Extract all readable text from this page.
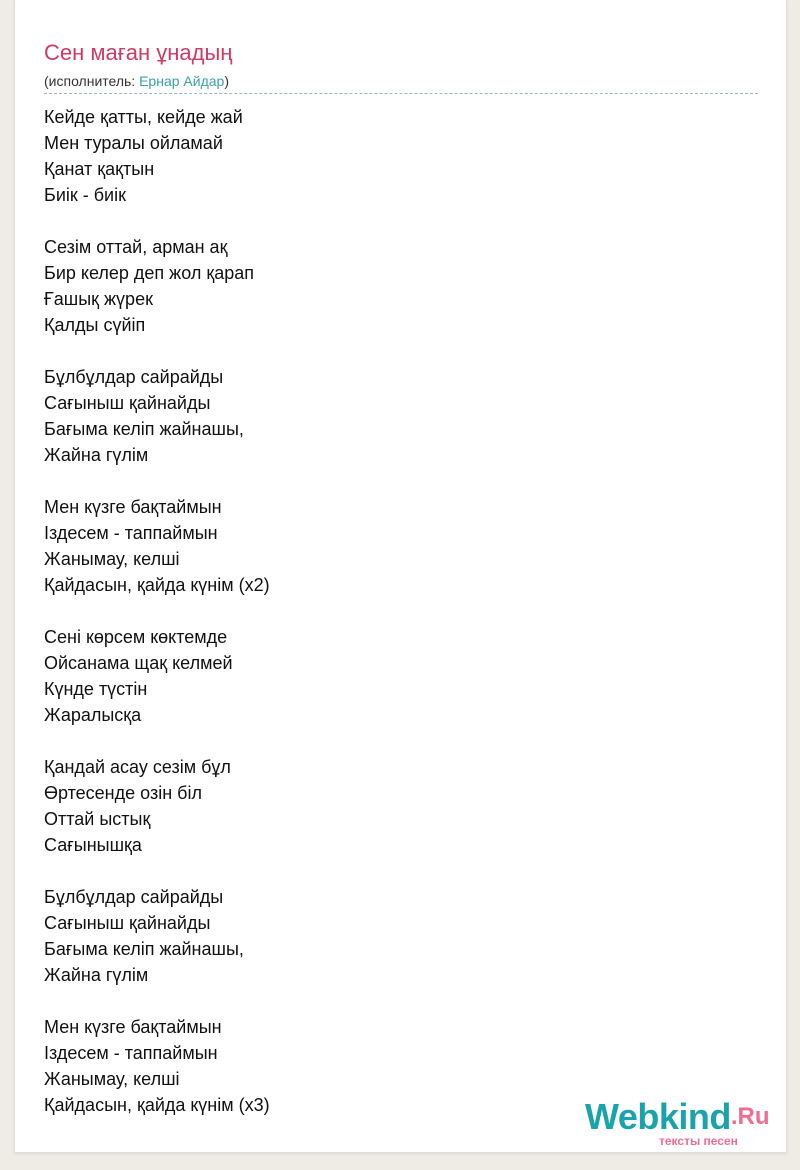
Сен маған ұнадың
(исполнитель: Ернар Айдар)
Кейде қатты, кейде жай
Мен туралы ойламай
Қанат қақтын
Биік - биік
Сезім оттай, арман ақ
Бир келер деп жол қарап
Ғашық жүрек
Қалды сүйіп
Бұлбұлдар сайрайды
Сағыныш қайнайды
Бағыма келіп жайнашы,
Жайна гүлім
Мен күзге бақтаймын
Іздесем - таппаймын
Жанымау, келші
Қайдасын, қайда күнім (x2)
Сені көрсем көктемде
Ойсанама щақ келмей
Күнде түстін
Жаралысқа
Қандай асау сезім бұл
Өртесенде озін біл
Оттай ыстық
Сағынышқа
Бұлбұлдар сайрайды
Сағыныш қайнайды
Бағыма келіп жайнашы,
Жайна гүлім
Мен күзге бақтаймын
Іздесем - таппаймын
Жанымау, келші
Қайдасын, қайда күнім (x3)	Webkind.Ru
тексты песен
